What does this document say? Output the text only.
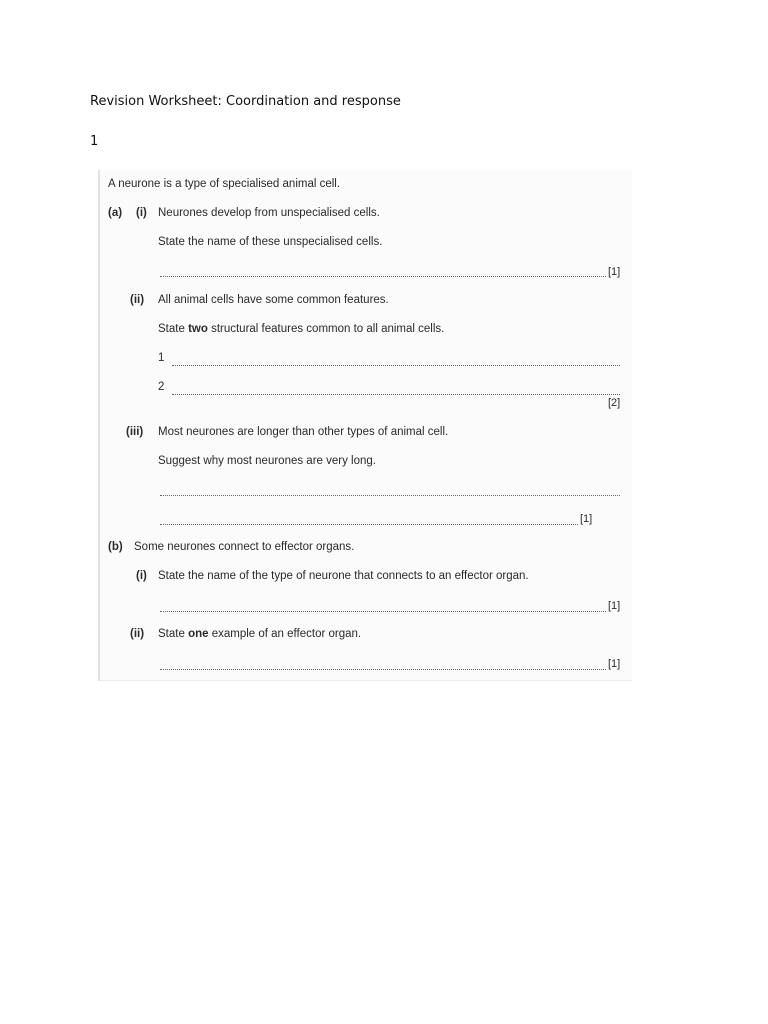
Revision Worksheet: Coordination and response
1
A neurone is a type of specialised animal cell.
(a) (i) Neurones develop from unspecialised cells.
State the name of these unspecialised cells.
[1]
(ii) All animal cells have some common features.
State two structural features common to all animal cells.
1
2
[2]
(iii) Most neurones are longer than other types of animal cell.
Suggest why most neurones are very long.
[1]
(b) Some neurones connect to effector organs.
(i) State the name of the type of neurone that connects to an effector organ.
[1]
(ii) State one example of an effector organ.
[1]
